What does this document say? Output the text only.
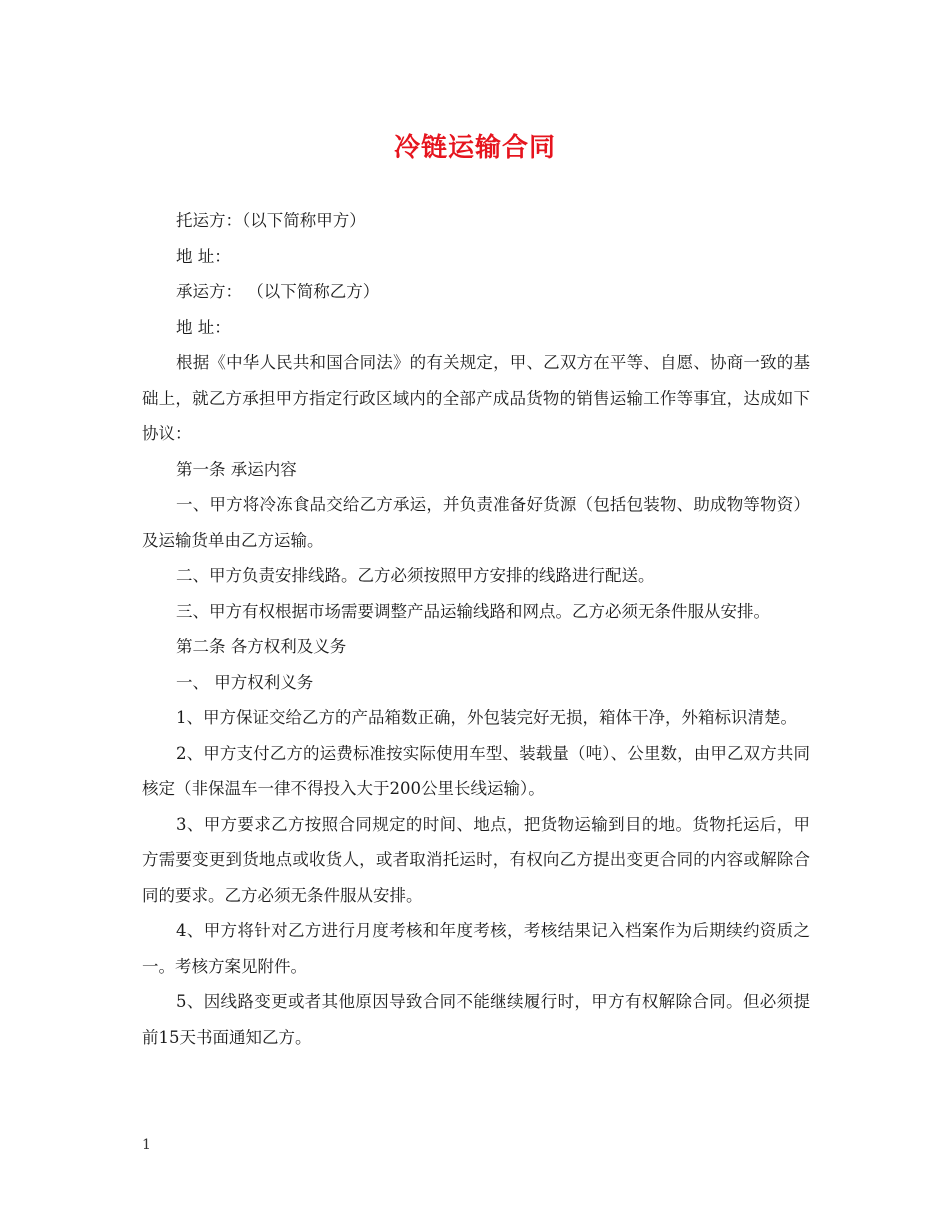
冷链运输合同

托运方：（以下简称甲方）

地 址：

承运方： （以下简称乙方）

地 址：

根据《中华人民共和国合同法》的有关规定，甲、乙双方在平等、自愿、协商一致的基础上，就乙方承担甲方指定行政区域内的全部产成品货物的销售运输工作等事宜，达成如下协议：

第一条 承运内容

一、甲方将冷冻食品交给乙方承运，并负责准备好货源（包括包装物、助成物等物资）及运输货单由乙方运输。

二、甲方负责安排线路。乙方必须按照甲方安排的线路进行配送。

三、甲方有权根据市场需要调整产品运输线路和网点。乙方必须无条件服从安排。

第二条 各方权利及义务

一、 甲方权利义务

1、甲方保证交给乙方的产品箱数正确，外包装完好无损，箱体干净，外箱标识清楚。

2、甲方支付乙方的运费标准按实际使用车型、装载量（吨）、公里数，由甲乙双方共同核定（非保温车一律不得投入大于200公里长线运输）。

3、甲方要求乙方按照合同规定的时间、地点，把货物运输到目的地。货物托运后，甲方需要变更到货地点或收货人，或者取消托运时，有权向乙方提出变更合同的内容或解除合同的要求。乙方必须无条件服从安排。

4、甲方将针对乙方进行月度考核和年度考核，考核结果记入档案作为后期续约资质之一。考核方案见附件。

5、因线路变更或者其他原因导致合同不能继续履行时，甲方有权解除合同。但必须提前15天书面通知乙方。

1
